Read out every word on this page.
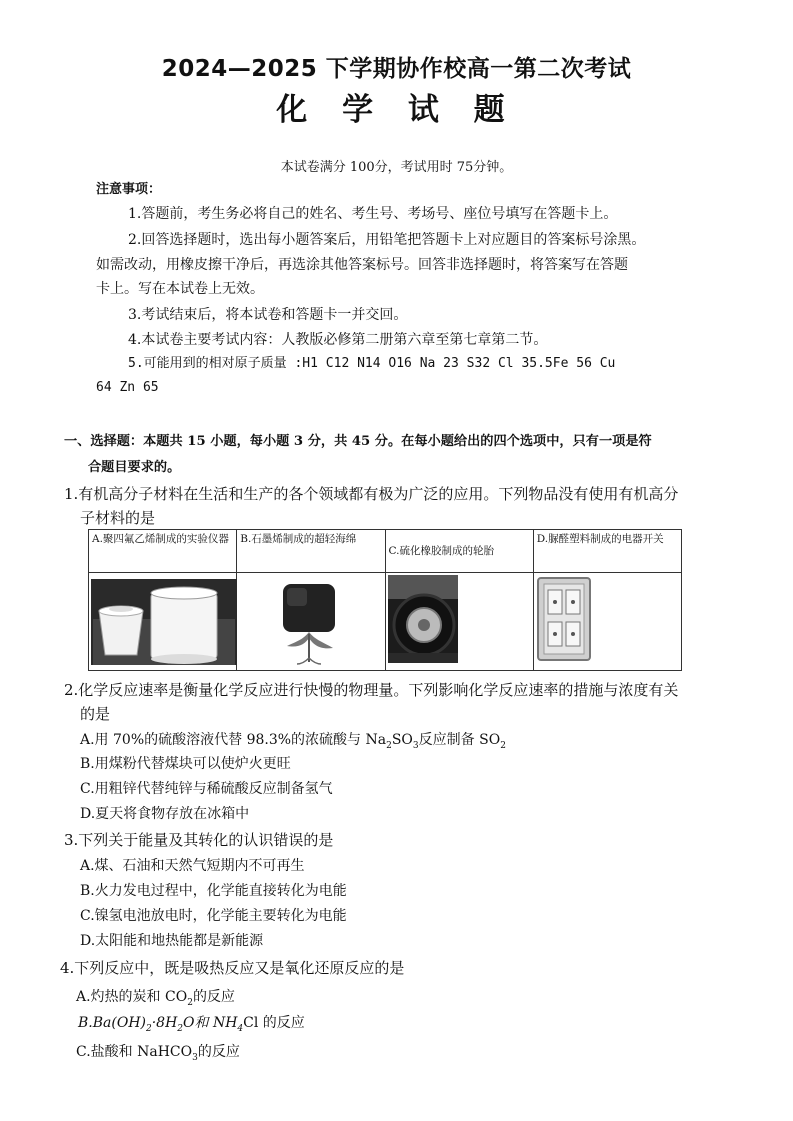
2024—2025 下学期协作校高一第二次考试
化 学 试 题
本试卷满分 100分，考试用时 75分钟。
注意事项：
1.答题前，考生务必将自己的姓名、考生号、考场号、座位号填写在答题卡上。
2.回答选择题时，选出每小题答案后，用铅笔把答题卡上对应题目的答案标号涂黑。
如需改动，用橡皮擦干净后，再选涂其他答案标号。回答非选择题时，将答案写在答题
卡上。写在本试卷上无效。
3.考试结束后，将本试卷和答题卡一并交回。
4.本试卷主要考试内容：人教版必修第二册第六章至第七章第二节。
5.可能用到的相对原子质量 :H1 C12 N14 O16 Na 23 S32 Cl 35.5Fe 56 Cu
64 Zn 65
一、选择题：本题共 15 小题，每小题 3 分，共 45 分。在每小题给出的四个选项中，只有一项是符
合题目要求的。
1.有机高分子材料在生活和生产的各个领域都有极为广泛的应用。下列物品没有使用有机高分
子材料的是
A.聚四氟乙烯制成的实验仪器	B.石墨烯制成的超轻海绵	C.硫化橡胶制成的轮胎	D.脲醛塑料制成的电器开关

2.化学反应速率是衡量化学反应进行快慢的物理量。下列影响化学反应速率的措施与浓度有关
的是
A.用 70%的硫酸溶液代替 98.3%的浓硫酸与 $Na_2SO_3$反应制备 $SO_2$
B.用煤粉代替煤块可以使炉火更旺
C.用粗锌代替纯锌与稀硫酸反应制备氢气
D.夏天将食物存放在冰箱中
3.下列关于能量及其转化的认识错误的是
A.煤、石油和天然气短期内不可再生
B.火力发电过程中，化学能直接转化为电能
C.镍氢电池放电时，化学能主要转化为电能
D.太阳能和地热能都是新能源
4.下列反应中，既是吸热反应又是氧化还原反应的是
A.灼热的炭和 $CO_2$的反应
$B.Ba(OH)_2\cdot 8H_2O$和 $NH_4Cl$ 的反应
C.盐酸和 NaHCO$_3$的反应
